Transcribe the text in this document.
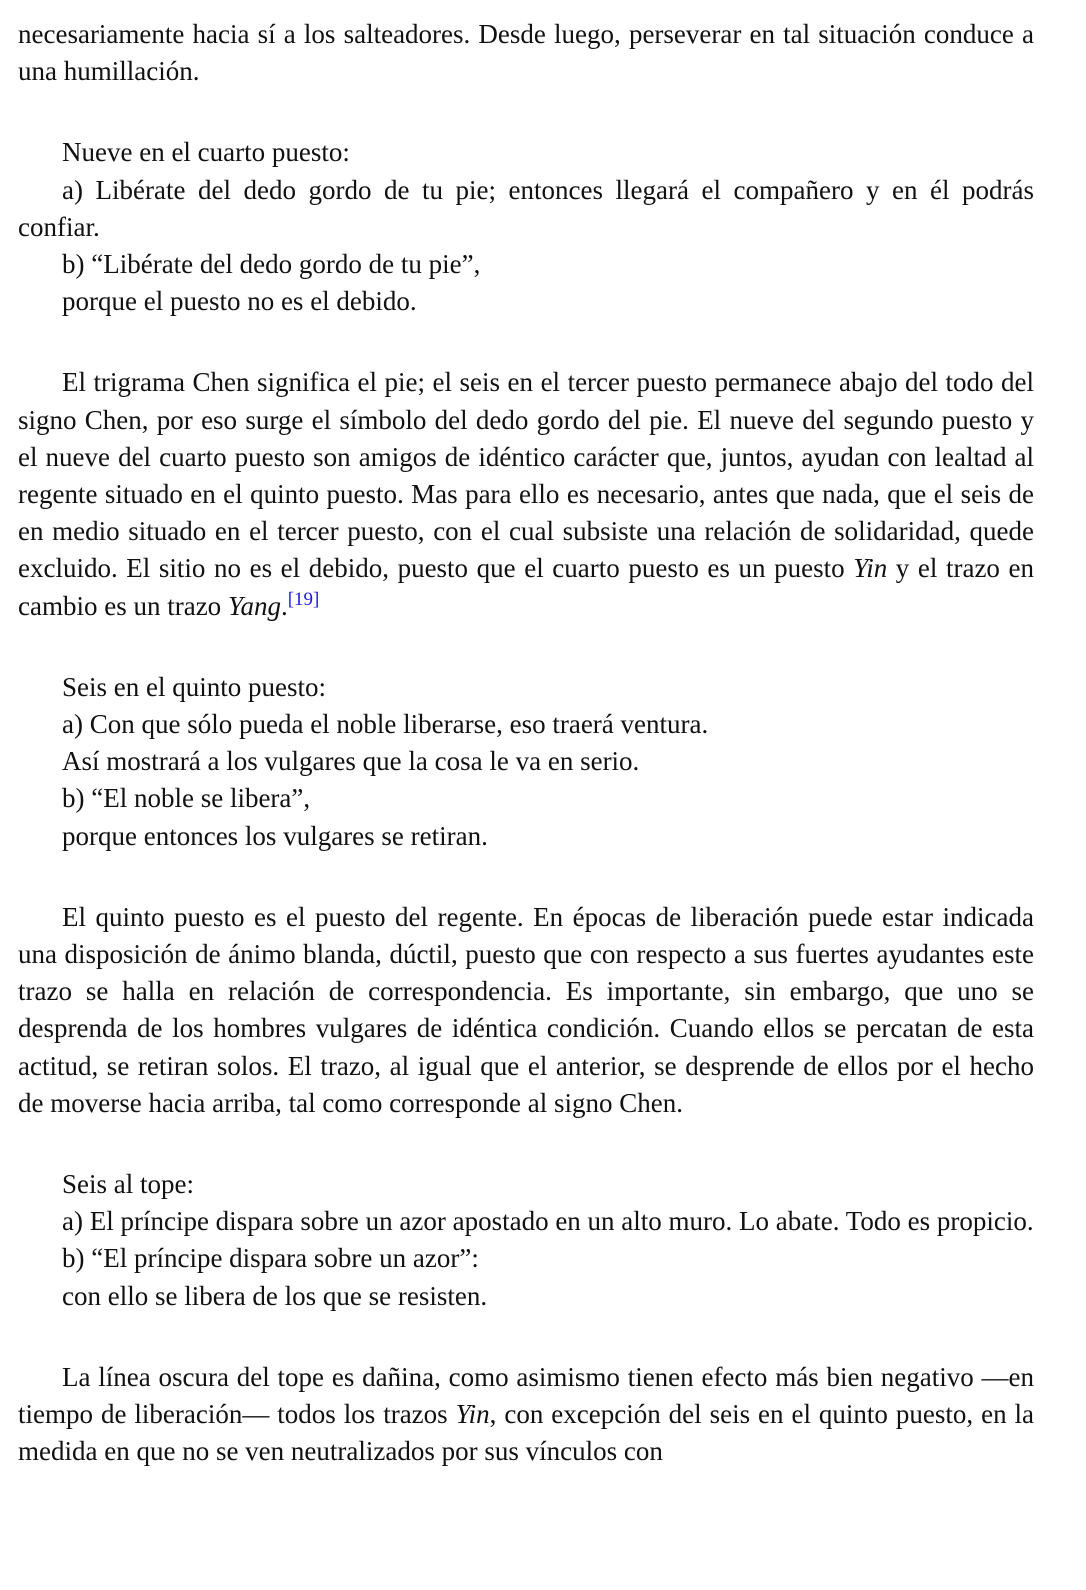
necesariamente hacia sí a los salteadores. Desde luego, perseverar en tal situación conduce a una humillación.

Nueve en el cuarto puesto:

a) Libérate del dedo gordo de tu pie; entonces llegará el compañero y en él podrás confiar.

b) “Libérate del dedo gordo de tu pie”,

porque el puesto no es el debido.

El trigrama Chen significa el pie; el seis en el tercer puesto permanece abajo del todo del signo Chen, por eso surge el símbolo del dedo gordo del pie. El nueve del segundo puesto y el nueve del cuarto puesto son amigos de idéntico carácter que, juntos, ayudan con lealtad al regente situado en el quinto puesto. Mas para ello es necesario, antes que nada, que el seis de en medio situado en el tercer puesto, con el cual subsiste una relación de solidaridad, quede excluido. El sitio no es el debido, puesto que el cuarto puesto es un puesto Yin y el trazo en cambio es un trazo Yang.[19]

Seis en el quinto puesto:

a) Con que sólo pueda el noble liberarse, eso traerá ventura.

Así mostrará a los vulgares que la cosa le va en serio.

b) “El noble se libera”,

porque entonces los vulgares se retiran.

El quinto puesto es el puesto del regente. En épocas de liberación puede estar indicada una disposición de ánimo blanda, dúctil, puesto que con respecto a sus fuertes ayudantes este trazo se halla en relación de correspondencia. Es importante, sin embargo, que uno se desprenda de los hombres vulgares de idéntica condición. Cuando ellos se percatan de esta actitud, se retiran solos. El trazo, al igual que el anterior, se desprende de ellos por el hecho de moverse hacia arriba, tal como corresponde al signo Chen.

Seis al tope:

a) El príncipe dispara sobre un azor apostado en un alto muro. Lo abate. Todo es propicio.

b) “El príncipe dispara sobre un azor”:

con ello se libera de los que se resisten.

La línea oscura del tope es dañina, como asimismo tienen efecto más bien negativo —en tiempo de liberación— todos los trazos Yin, con excepción del seis en el quinto puesto, en la medida en que no se ven neutralizados por sus vínculos con
